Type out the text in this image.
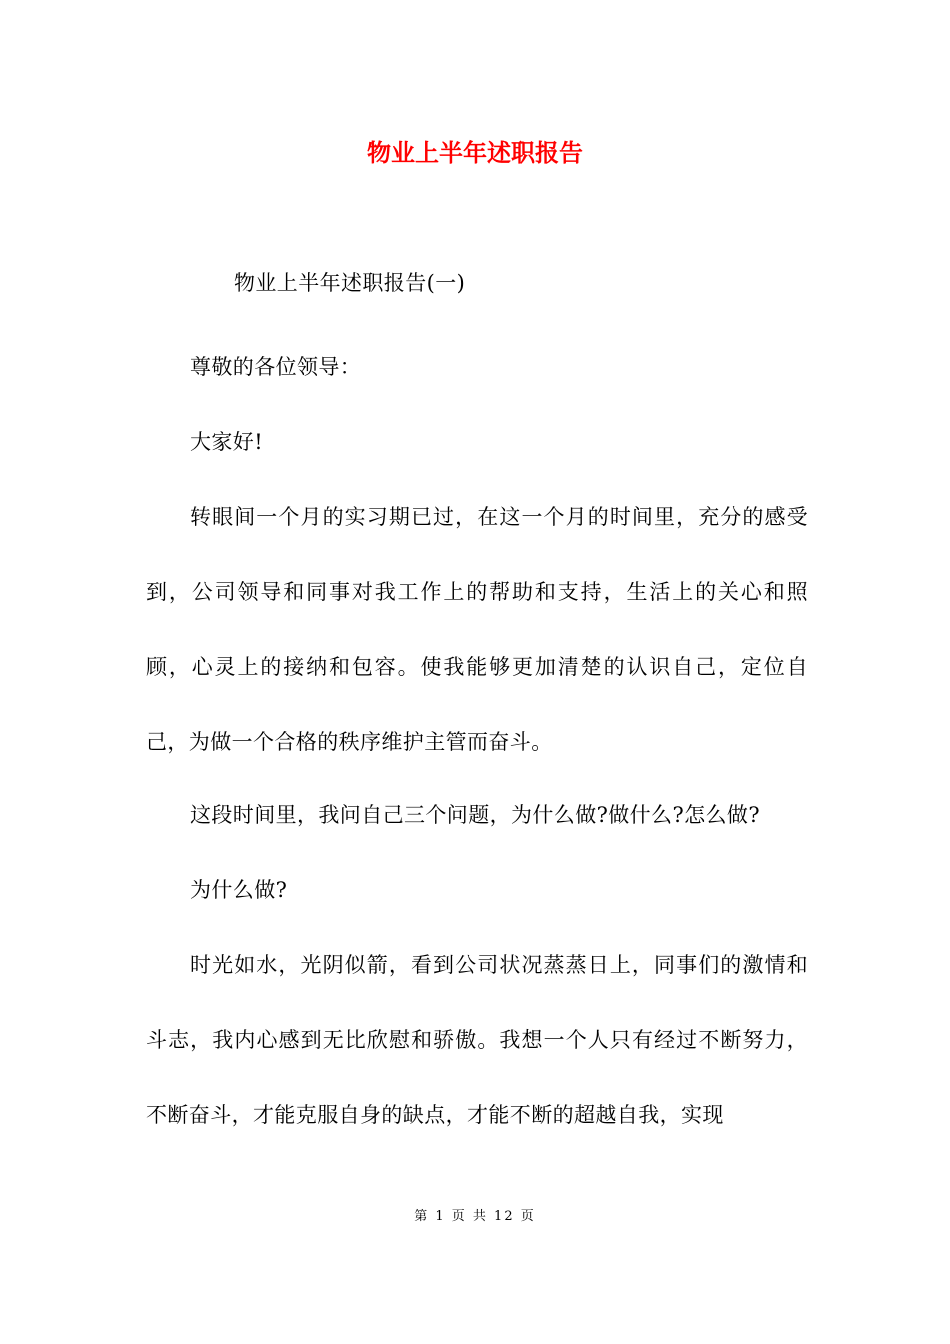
物业上半年述职报告

物业上半年述职报告(一)

尊敬的各位领导：

大家好!

转眼间一个月的实习期已过，在这一个月的时间里，充分的感受到，公司领导和同事对我工作上的帮助和支持，生活上的关心和照顾，心灵上的接纳和包容。使我能够更加清楚的认识自己，定位自己，为做一个合格的秩序维护主管而奋斗。

这段时间里，我问自己三个问题，为什么做?做什么?怎么做?

为什么做?

时光如水，光阴似箭，看到公司状况蒸蒸日上，同事们的激情和斗志，我内心感到无比欣慰和骄傲。我想一个人只有经过不断努力，不断奋斗，才能克服自身的缺点，才能不断的超越自我，实现

第 1 页 共 12 页
